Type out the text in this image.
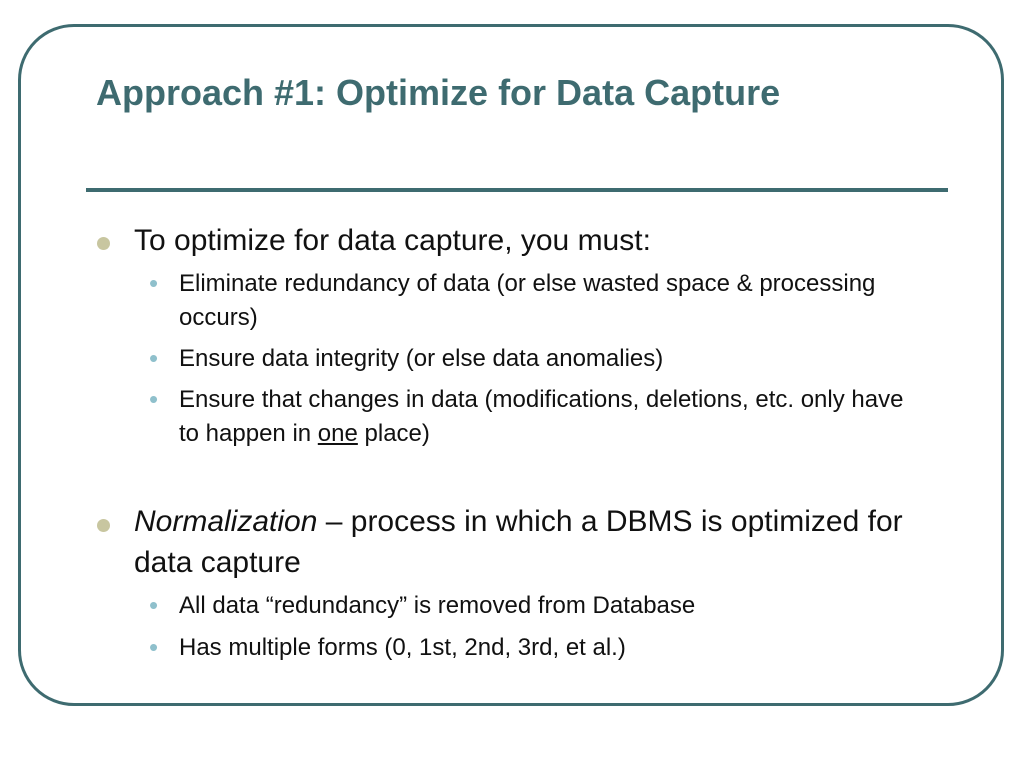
Approach #1: Optimize for Data Capture
To optimize for data capture, you must:
• Eliminate redundancy of data (or else wasted space & processing occurs)
• Ensure data integrity (or else data anomalies)
• Ensure that changes in data (modifications, deletions, etc. only have to happen in one place)
Normalization – process in which a DBMS is optimized for data capture
• All data “redundancy” is removed from Database
• Has multiple forms (0, 1st, 2nd, 3rd, et al.)
